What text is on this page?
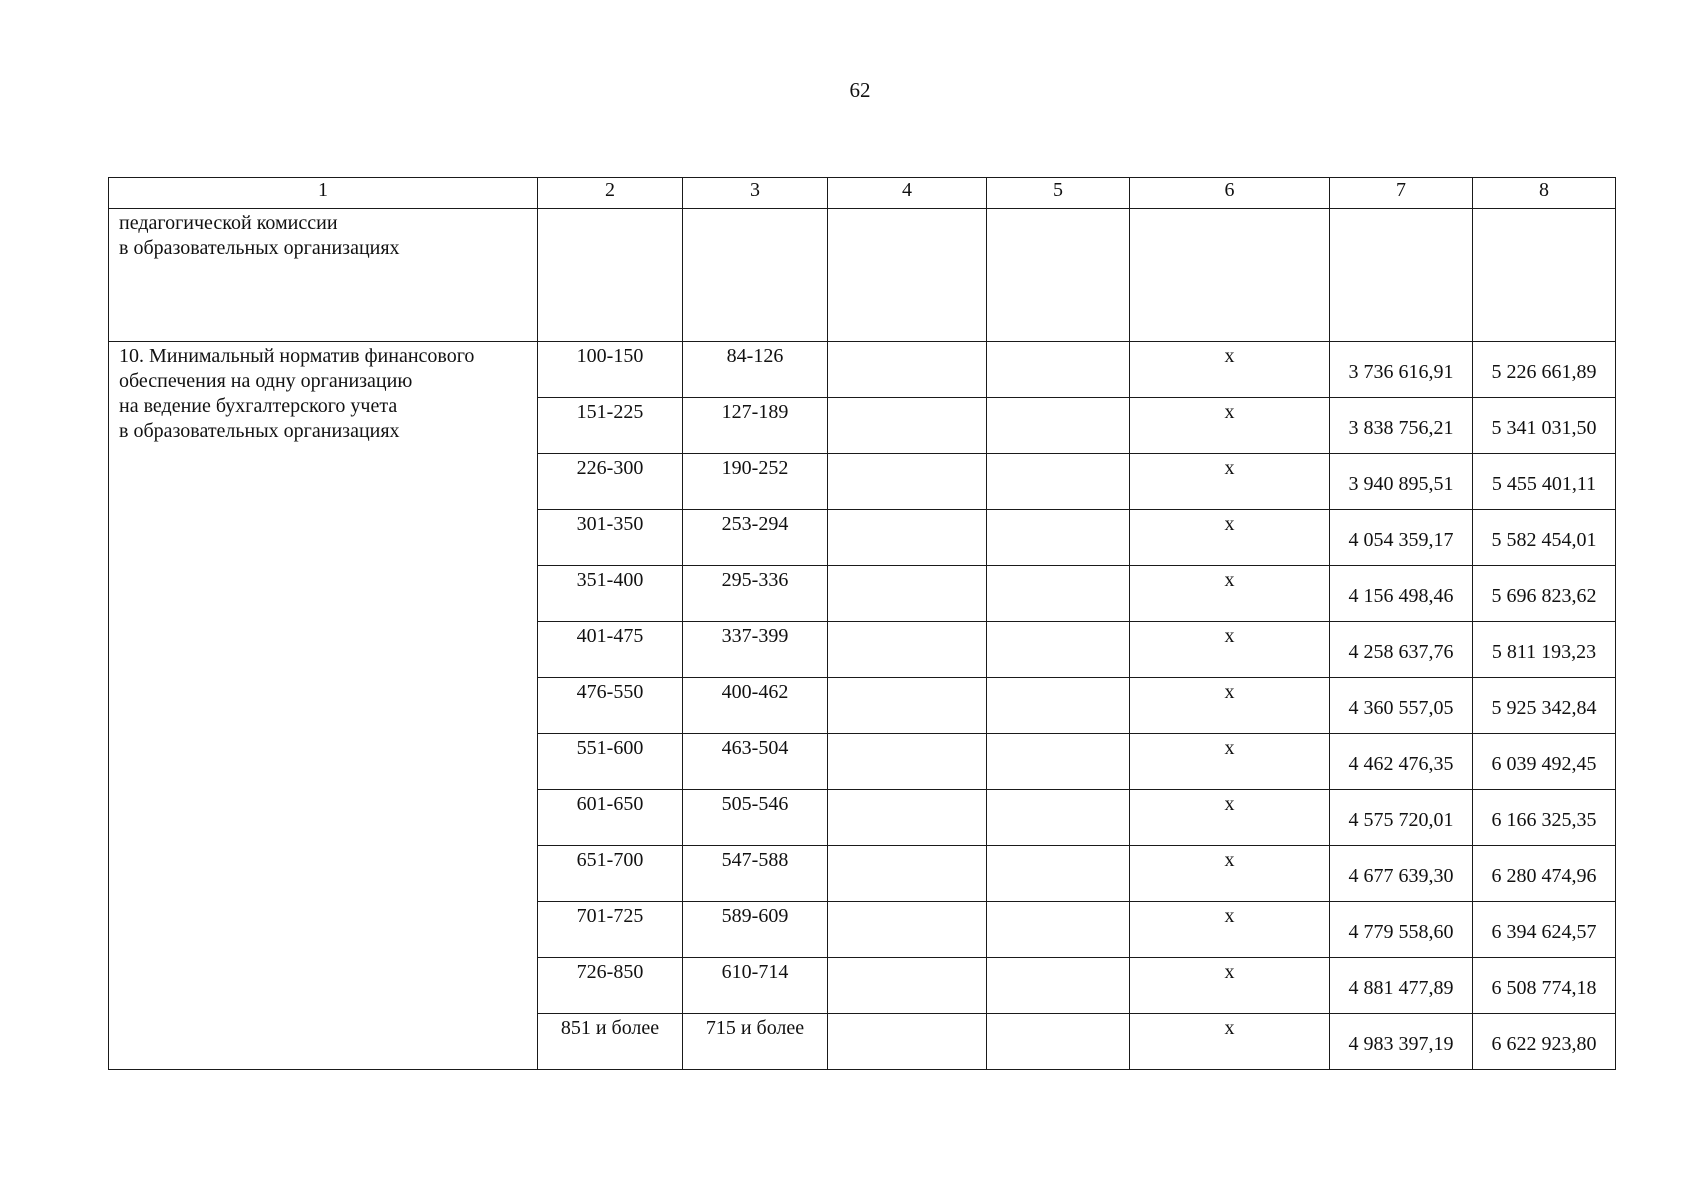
62
1	2	3	4	5	6	7	8
педагогической комиссии
в образовательных организациях							
10. Минимальный норматив финансового обеспечения на одну организацию
на ведение бухгалтерского учета
в образовательных организациях	100-150	84-126			x	3 736 616,91	5 226 661,89
	151-225	127-189			x	3 838 756,21	5 341 031,50
	226-300	190-252			x	3 940 895,51	5 455 401,11
	301-350	253-294			x	4 054 359,17	5 582 454,01
	351-400	295-336			x	4 156 498,46	5 696 823,62
	401-475	337-399			x	4 258 637,76	5 811 193,23
	476-550	400-462			x	4 360 557,05	5 925 342,84
	551-600	463-504			x	4 462 476,35	6 039 492,45
	601-650	505-546			x	4 575 720,01	6 166 325,35
	651-700	547-588			x	4 677 639,30	6 280 474,96
	701-725	589-609			x	4 779 558,60	6 394 624,57
	726-850	610-714			x	4 881 477,89	6 508 774,18
	851 и более	715 и более			x	4 983 397,19	6 622 923,80
